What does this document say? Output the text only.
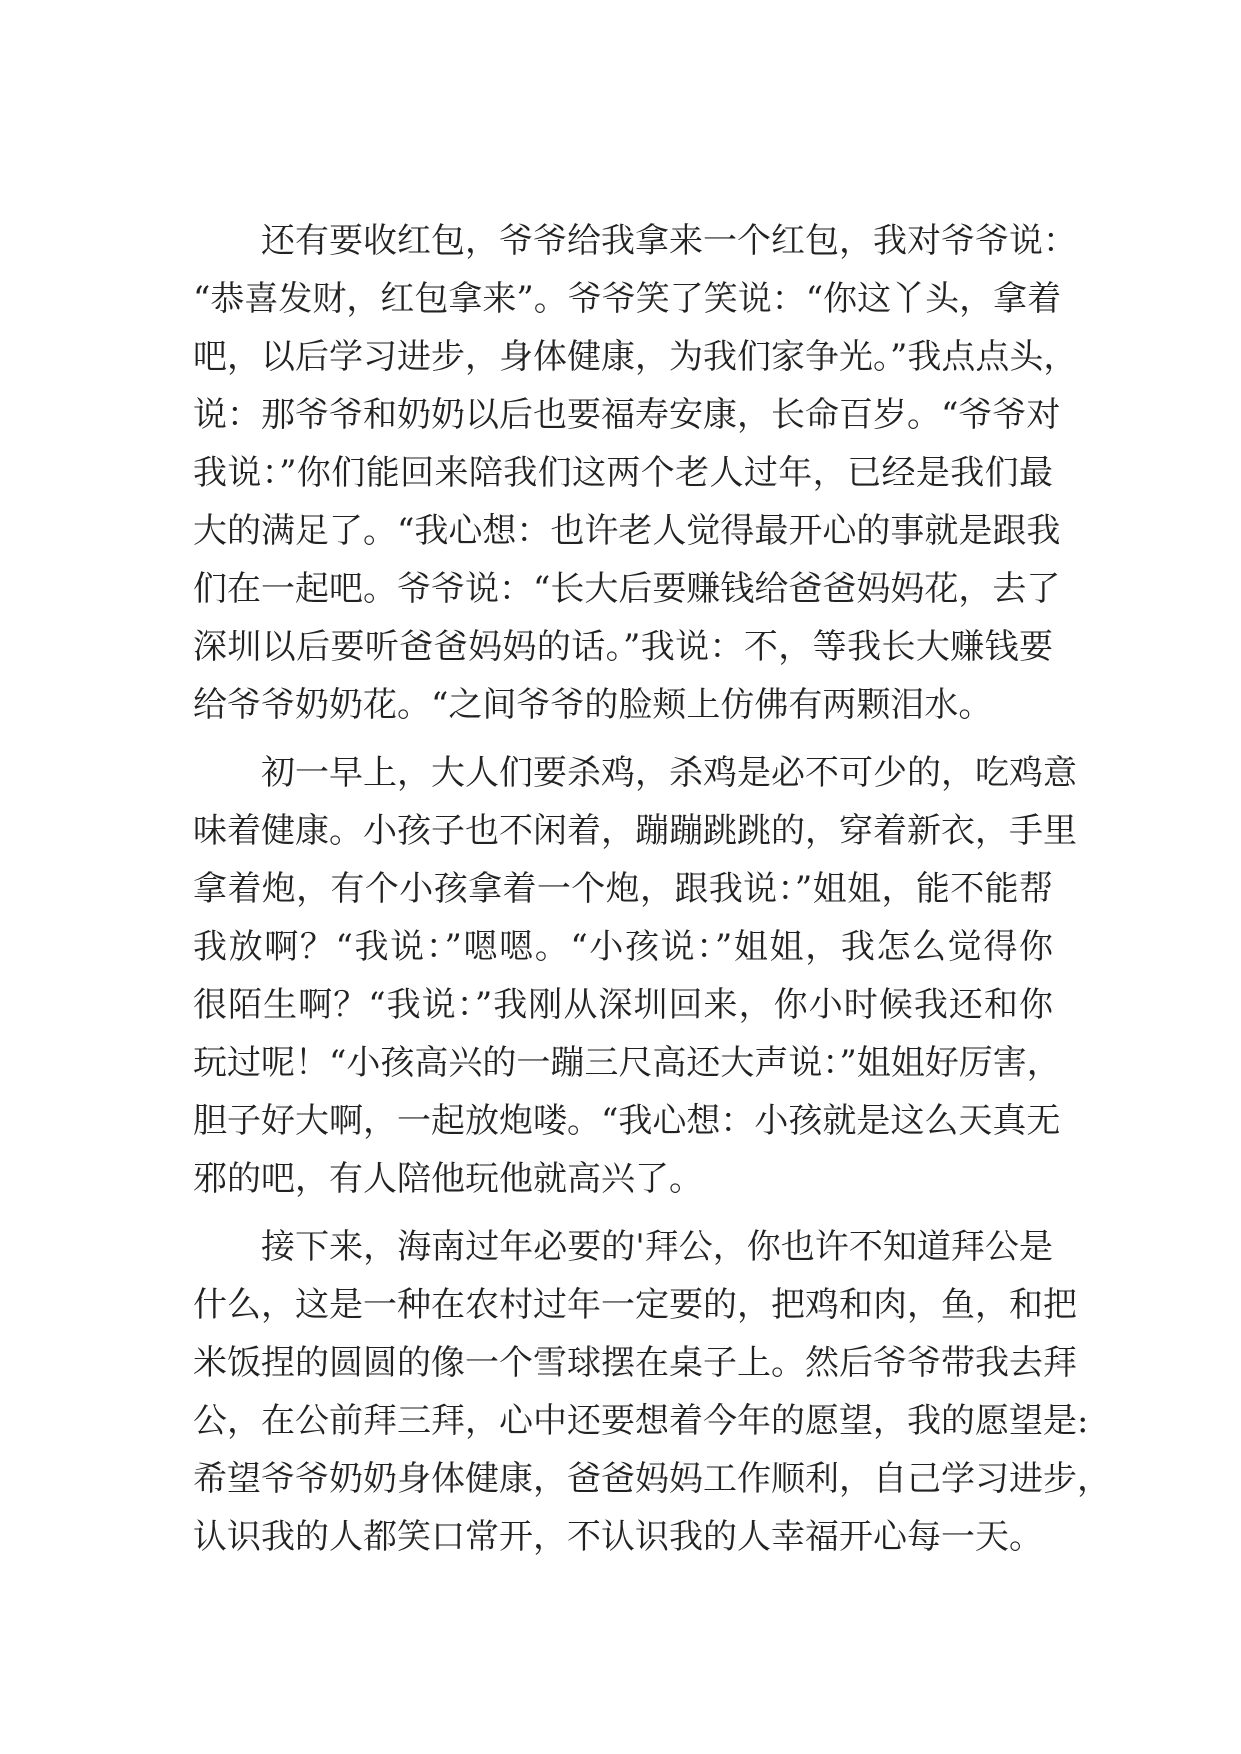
　　还有要收红包，爷爷给我拿来一个红包，我对爷爷说：
“恭喜发财，红包拿来”。爷爷笑了笑说：“你这丫头，拿着
吧，以后学习进步，身体健康，为我们家争光。”我点点头，
说：那爷爷和奶奶以后也要福寿安康，长命百岁。“爷爷对
我说：”你们能回来陪我们这两个老人过年，已经是我们最
大的满足了。“我心想：也许老人觉得最开心的事就是跟我
们在一起吧。爷爷说：“长大后要赚钱给爸爸妈妈花，去了
深圳以后要听爸爸妈妈的话。”我说：不，等我长大赚钱要
给爷爷奶奶花。“之间爷爷的脸颊上仿佛有两颗泪水。

　　初一早上，大人们要杀鸡，杀鸡是必不可少的，吃鸡意
味着健康。小孩子也不闲着，蹦蹦跳跳的，穿着新衣，手里
拿着炮，有个小孩拿着一个炮，跟我说：”姐姐，能不能帮
我放啊？“我说：”嗯嗯。“小孩说：”姐姐，我怎么觉得你
很陌生啊？“我说：”我刚从深圳回来，你小时候我还和你
玩过呢！“小孩高兴的一蹦三尺高还大声说：”姐姐好厉害，
胆子好大啊，一起放炮喽。“我心想：小孩就是这么天真无
邪的吧，有人陪他玩他就高兴了。

　　接下来，海南过年必要的'拜公，你也许不知道拜公是
什么，这是一种在农村过年一定要的，把鸡和肉，鱼，和把
米饭捏的圆圆的像一个雪球摆在桌子上。然后爷爷带我去拜
公，在公前拜三拜，心中还要想着今年的愿望，我的愿望是:
希望爷爷奶奶身体健康，爸爸妈妈工作顺利，自己学习进步，
认识我的人都笑口常开，不认识我的人幸福开心每一天。
